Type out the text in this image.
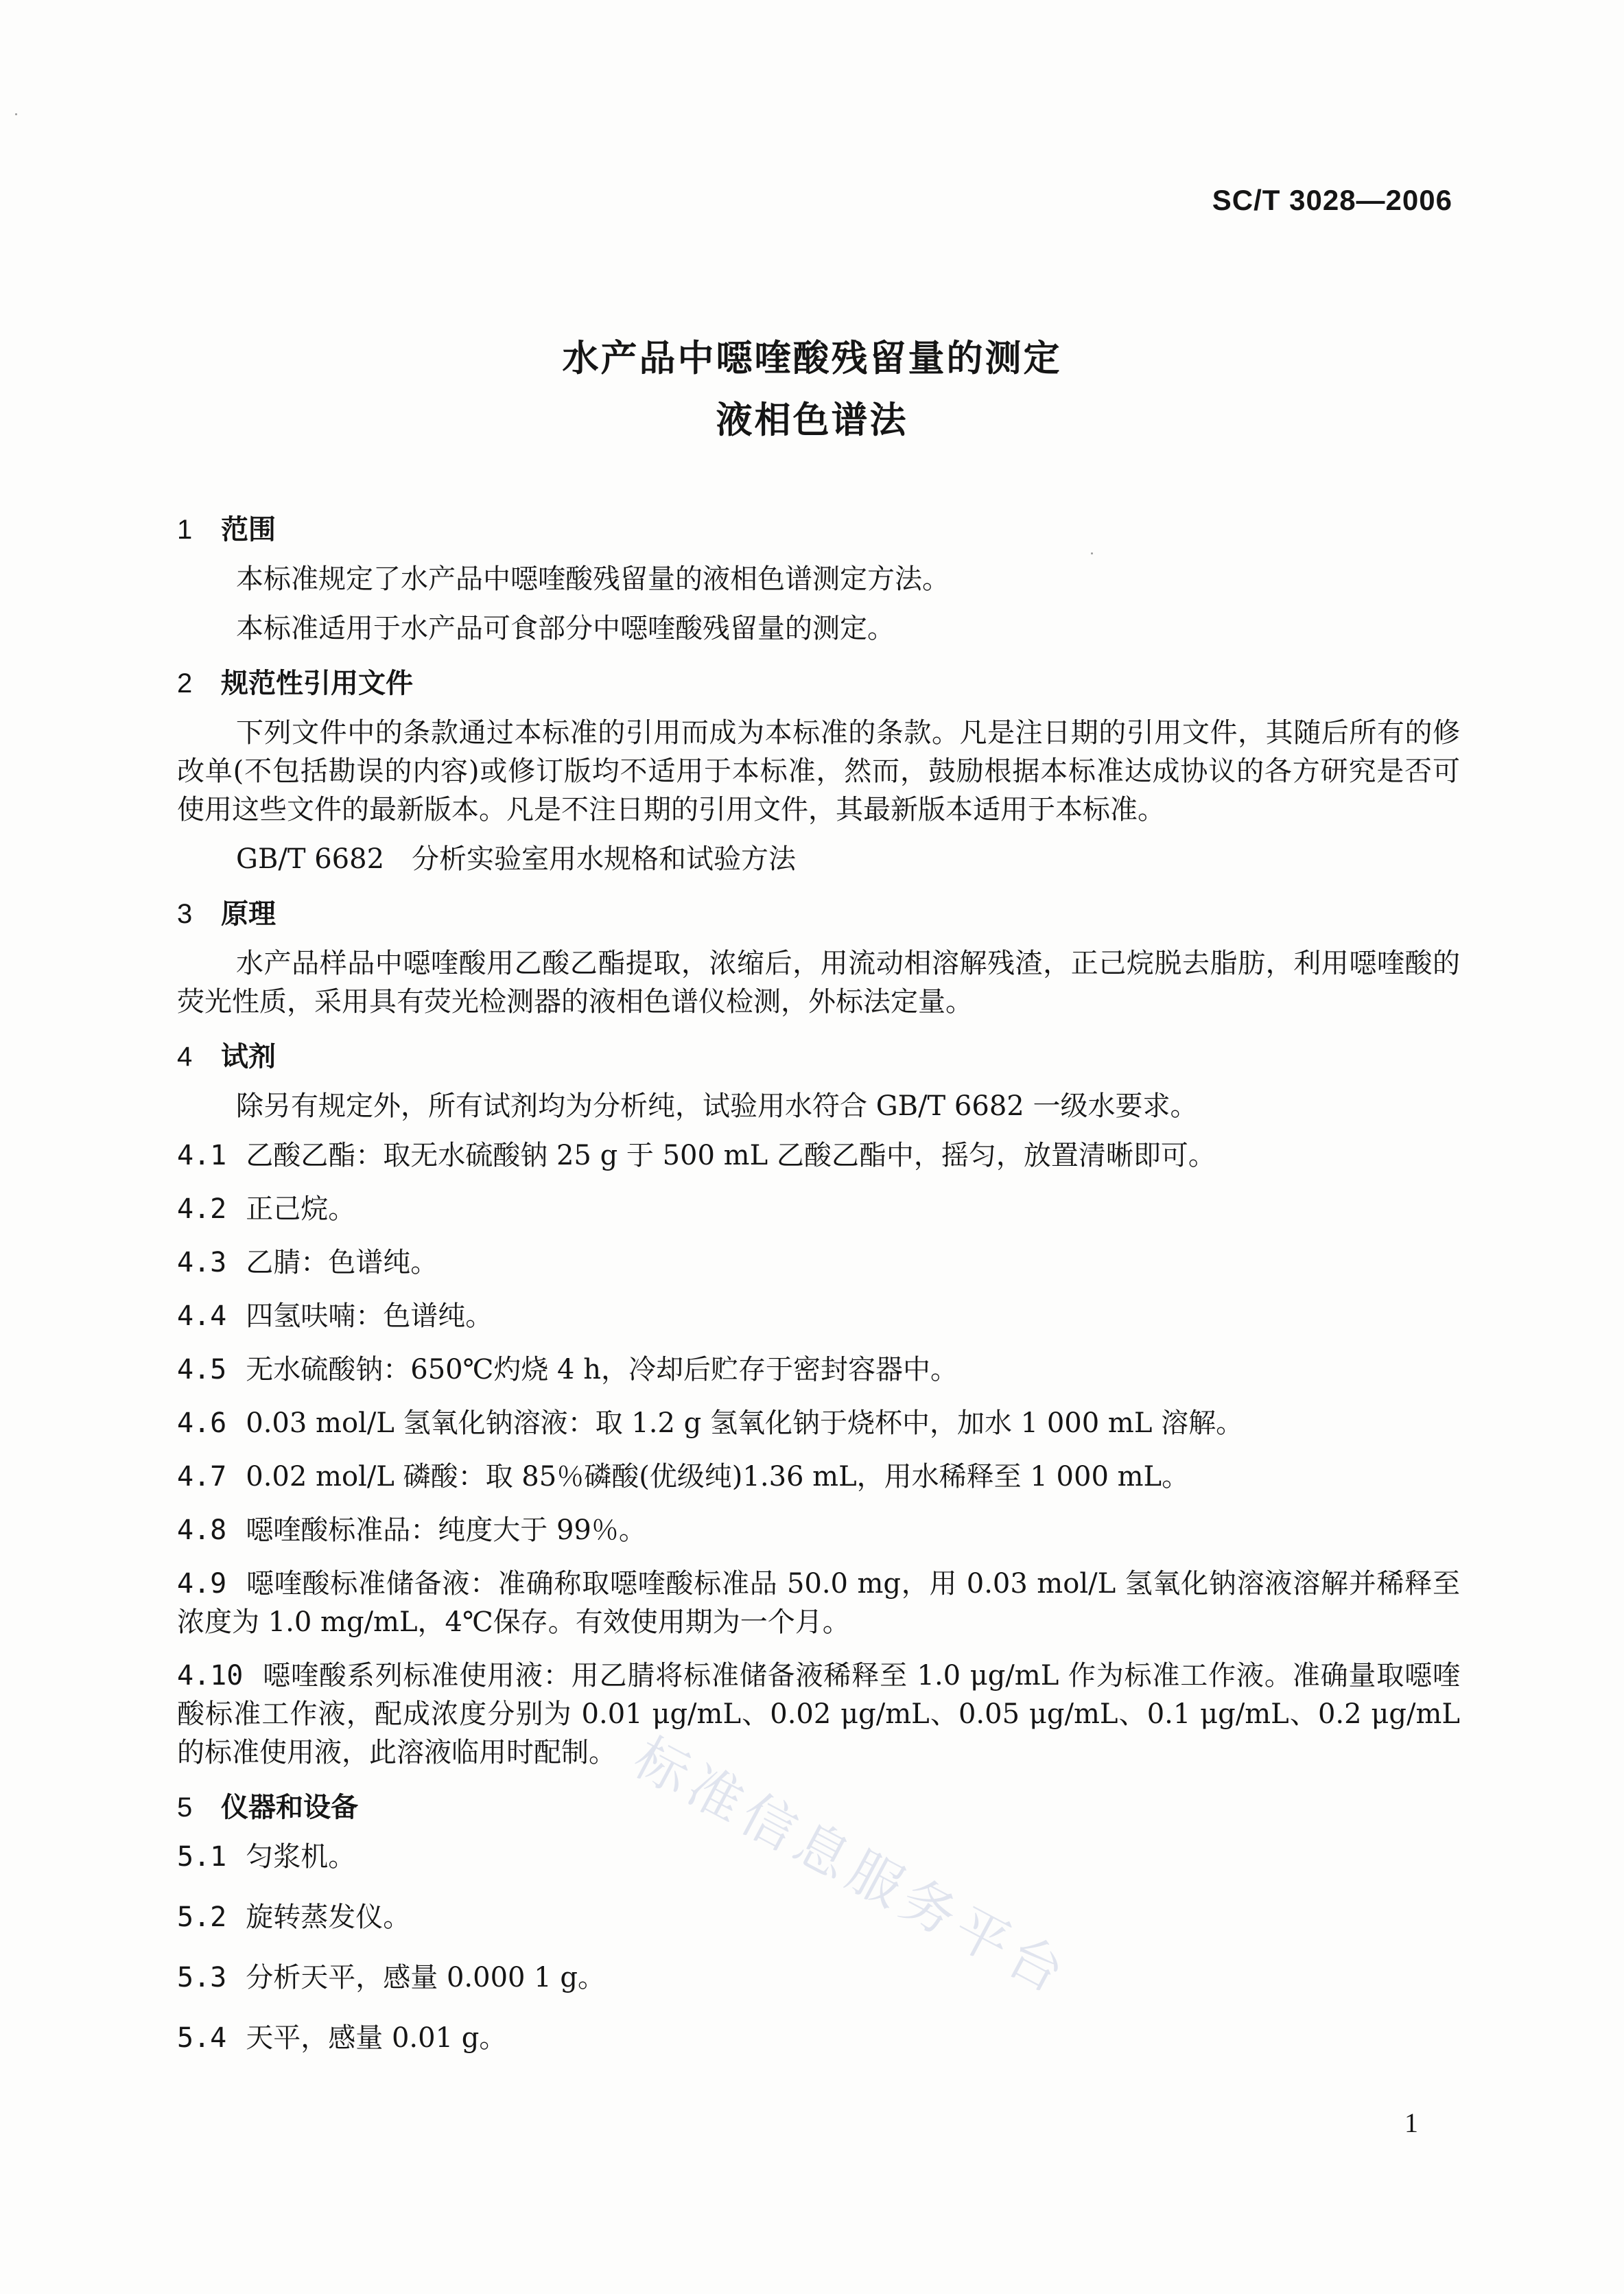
SC/T 3028—2006
水产品中噁喹酸残留量的测定
液相色谱法
1 范围

本标准规定了水产品中噁喹酸残留量的液相色谱测定方法。

本标准适用于水产品可食部分中噁喹酸残留量的测定。

2 规范性引用文件

下列文件中的条款通过本标准的引用而成为本标准的条款。凡是注日期的引用文件，其随后所有的修改单(不包括勘误的内容)或修订版均不适用于本标准，然而，鼓励根据本标准达成协议的各方研究是否可使用这些文件的最新版本。凡是不注日期的引用文件，其最新版本适用于本标准。

GB/T 6682　分析实验室用水规格和试验方法

3 原理

水产品样品中噁喹酸用乙酸乙酯提取，浓缩后，用流动相溶解残渣，正己烷脱去脂肪，利用噁喹酸的荧光性质，采用具有荧光检测器的液相色谱仪检测，外标法定量。

4 试剂

除另有规定外，所有试剂均为分析纯，试验用水符合 GB/T 6682 一级水要求。

4.1 乙酸乙酯：取无水硫酸钠 25 g 于 500 mL 乙酸乙酯中，摇匀，放置清晰即可。
4.2 正己烷。
4.3 乙腈：色谱纯。
4.4 四氢呋喃：色谱纯。
4.5 无水硫酸钠：650℃灼烧 4 h，冷却后贮存于密封容器中。
4.6 0.03 mol/L 氢氧化钠溶液：取 1.2 g 氢氧化钠于烧杯中，加水 1 000 mL 溶解。
4.7 0.02 mol/L 磷酸：取 85％磷酸(优级纯)1.36 mL，用水稀释至 1 000 mL。
4.8 噁喹酸标准品：纯度大于 99％。
4.9 噁喹酸标准储备液：准确称取噁喹酸标准品 50.0 mg，用 0.03 mol/L 氢氧化钠溶液溶解并稀释至浓度为 1.0 mg/mL，4℃保存。有效使用期为一个月。
4.10 噁喹酸系列标准使用液：用乙腈将标准储备液稀释至 1.0 μg/mL 作为标准工作液。准确量取噁喹酸标准工作液，配成浓度分别为 0.01 μg/mL、0.02 μg/mL、0.05 μg/mL、0.1 μg/mL、0.2 μg/mL 的标准使用液，此溶液临用时配制。
5 仪器和设备
5.1 匀浆机。
5.2 旋转蒸发仪。
5.3 分析天平，感量 0.000 1 g。
5.4 天平，感量 0.01 g。
标准信息服务平台
1
